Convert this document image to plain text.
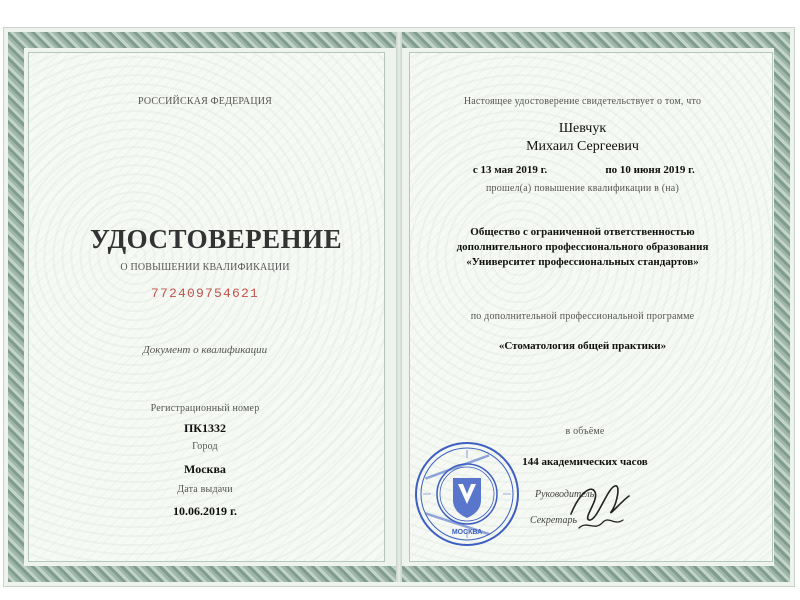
РОССИЙСКАЯ ФЕДЕРАЦИЯ
УДОСТОВЕРЕНИЕ
О ПОВЫШЕНИИ КВАЛИФИКАЦИИ
772409754621
Документ о квалификации
Регистрационный номер
ПК1332
Город
Москва
Дата выдачи
10.06.2019 г.
Настоящее удостоверение свидетельствует о том, что
Шевчук
Михаил Сергеевич
с 13 мая 2019 г.	по 10 июня 2019 г.
прошел(а) повышение квалификации в (на)
Общество с ограниченной ответственностью
дополнительного профессионального образования
«Университет профессиональных стандартов»
по дополнительной профессиональной программе
«Стоматология общей практики»
в объёме
144 академических часов
Руководитель
Секретарь
МОСКВА
